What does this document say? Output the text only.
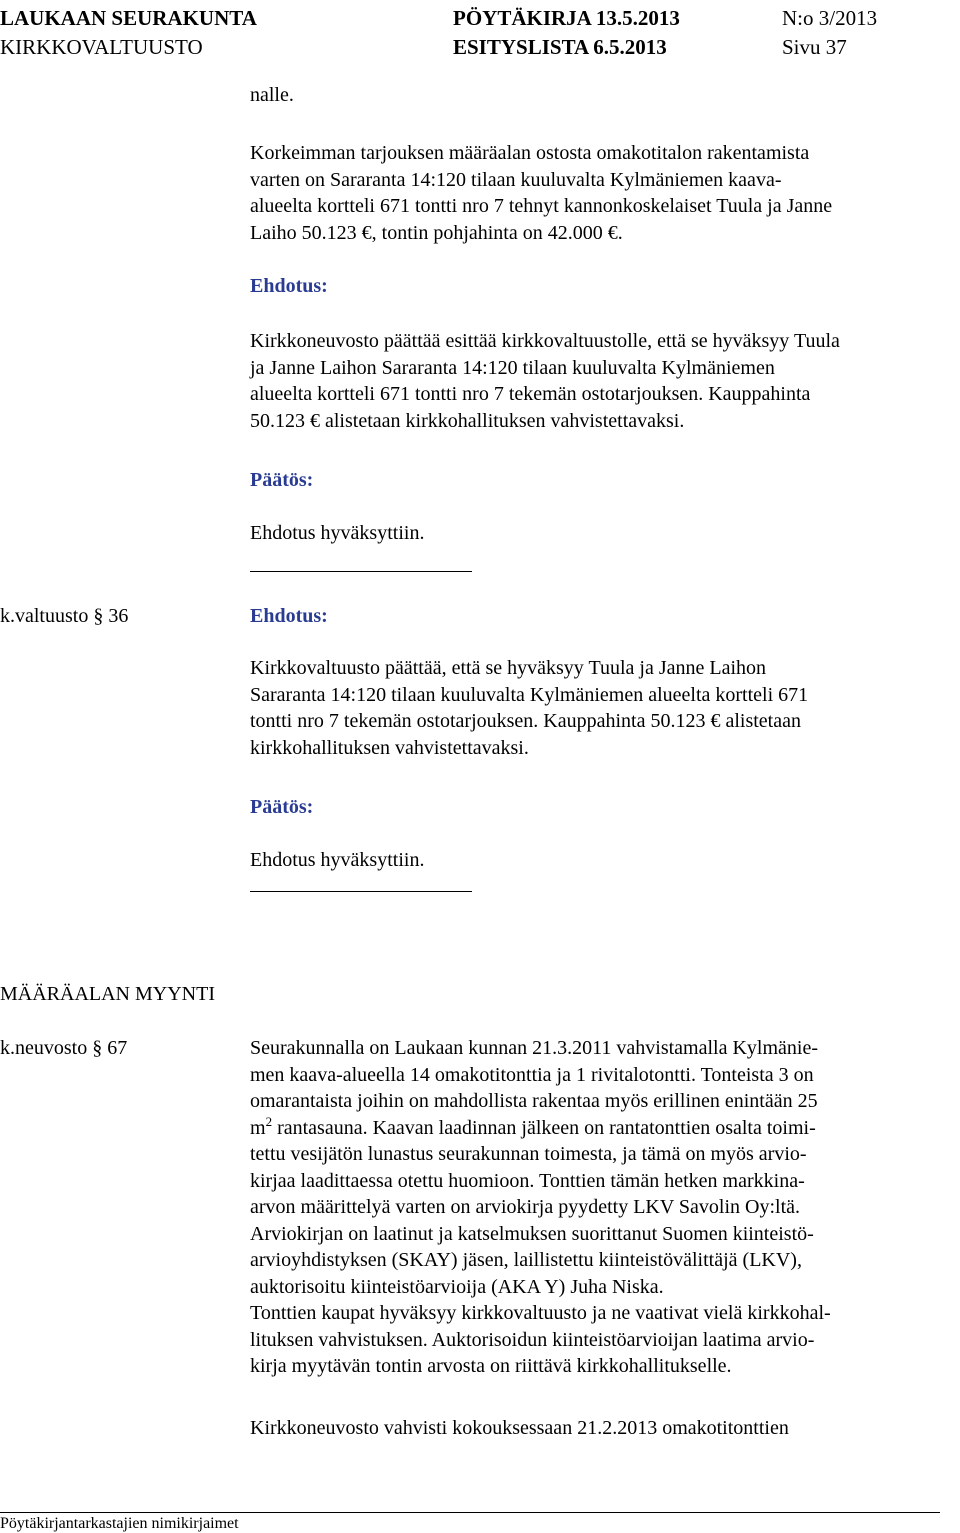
LAUKAAN SEURAKUNTA	PÖYTÄKIRJA 13.5.2013	N:o 3/2013
KIRKKOVALTUUSTO	ESITYSLISTA 6.5.2013	Sivu 37
nalle.
Korkeimman tarjouksen määräalan ostosta omakotitalon rakentamista
varten on Sararanta 14:120 tilaan kuuluvalta Kylmäniemen kaava-
alueelta kortteli 671 tontti nro 7 tehnyt kannonkoskelaiset Tuula ja Janne
Laiho 50.123 €, tontin pohjahinta on 42.000 €.
Ehdotus:
Kirkkoneuvosto päättää esittää kirkkovaltuustolle, että se hyväksyy Tuula
ja Janne Laihon Sararanta 14:120 tilaan kuuluvalta Kylmäniemen
alueelta kortteli 671 tontti nro 7 tekemän ostotarjouksen. Kauppahinta
50.123 € alistetaan kirkkohallituksen vahvistettavaksi.
Päätös:
Ehdotus hyväksyttiin.
k.valtuusto § 36	Ehdotus:
Kirkkovaltuusto päättää, että se hyväksyy Tuula ja Janne Laihon
Sararanta 14:120 tilaan kuuluvalta Kylmäniemen alueelta kortteli 671
tontti nro 7 tekemän ostotarjouksen. Kauppahinta 50.123 € alistetaan
kirkkohallituksen vahvistettavaksi.
Päätös:
Ehdotus hyväksyttiin.
MÄÄRÄALAN MYYNTI
k.neuvosto § 67	Seurakunnalla on Laukaan kunnan 21.3.2011 vahvistamalla Kylmänie-
men kaava-alueella 14 omakotitonttia ja 1 rivitalotontti. Tonteista 3 on
omarantaista joihin on mahdollista rakentaa myös erillinen enintään 25
$m^2$ rantasauna. Kaavan laadinnan jälkeen on rantatonttien osalta toimi-
tettu vesijätön lunastus seurakunnan toimesta, ja tämä on myös arvio-
kirjaa laadittaessa otettu huomioon. Tonttien tämän hetken markkina-
arvon määrittelyä varten on arviokirja pyydetty LKV Savolin Oy:ltä.
Arviokirjan on laatinut ja katselmuksen suorittanut Suomen kiinteistö-
arvioyhdistyksen (SKAY) jäsen, laillistettu kiinteistövälittäjä (LKV),
auktorisoitu kiinteistöarvioija (AKA Y) Juha Niska.
Tonttien kaupat hyväksyy kirkkovaltuusto ja ne vaativat vielä kirkkohal-
lituksen vahvistuksen. Auktorisoidun kiinteistöarvioijan laatima arvio-
kirja myytävän tontin arvosta on riittävä kirkkohallitukselle.
Kirkkoneuvosto vahvisti kokouksessaan 21.2.2013 omakotitonttien
Pöytäkirjantarkastajien nimikirjaimet
